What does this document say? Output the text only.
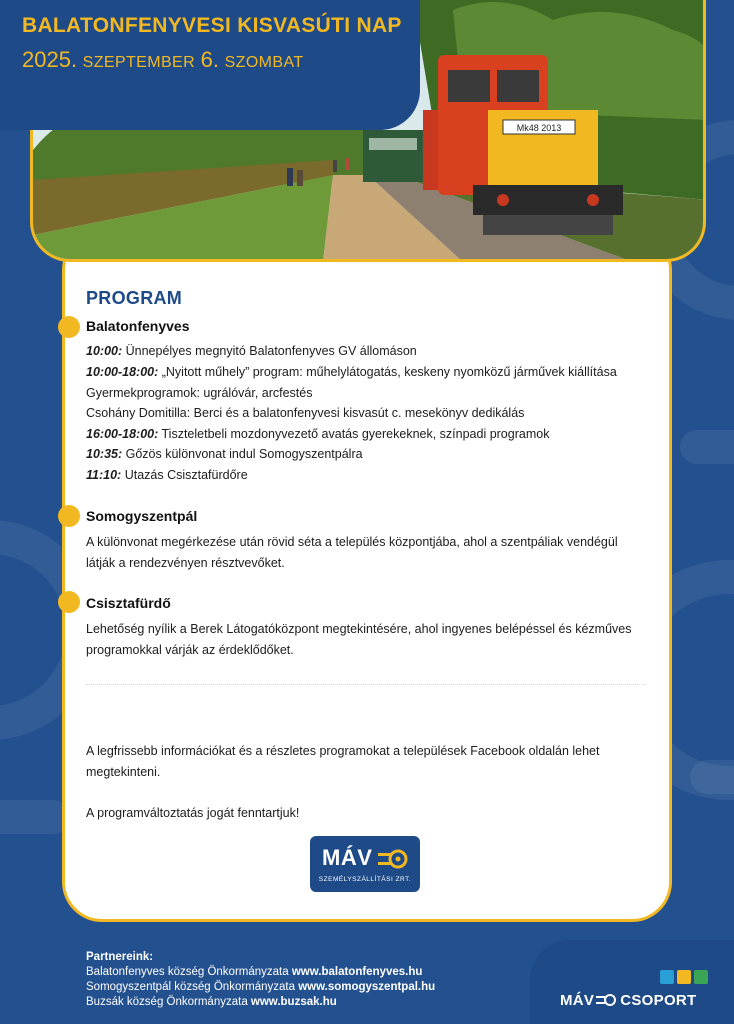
BALATONFENYVESI KISVASÚTI NAP
2025. SZEPTEMBER 6. SZOMBAT
Mk48 2013
PROGRAM
Balatonfenyves
10:00: Ünnepélyes megnyitó Balatonfenyves GV állomáson
10:00-18:00: „Nyitott műhely” program: műhelylátogatás, keskeny nyomközű járművek kiállítása
Gyermekprogramok: ugrálóvár, arcfestés
Csohány Domitilla: Berci és a balatonfenyvesi kisvasút c. mesekönyv dedikálás
16:00-18:00: Tiszteletbeli mozdonyvezető avatás gyerekeknek, színpadi programok
10:35: Gőzös különvonat indul Somogyszentpálra
11:10: Utazás Csisztafürdőre
Somogyszentpál
A különvonat megérkezése után rövid séta a település központjába, ahol a szentpáliak vendégül látják a rendezvényen résztvevőket.
Csisztafürdő
Lehetőség nyílik a Berek Látogatóközpont megtekintésére, ahol ingyenes belépéssel és kézműves programokkal várják az érdeklődőket.
A legfrissebb információkat és a részletes programokat a települések Facebook oldalán lehet megtekinteni.
A programváltoztatás jogát fenntartjuk!
MÁV
SZEMÉLYSZÁLLÍTÁSI ZRT.
Partnereink:
Balatonfenyves község Önkormányzata www.balatonfenyves.hu
Somogyszentpál község Önkormányzata www.somogyszentpal.hu
Buzsák község Önkormányzata www.buzsak.hu	MÁV CSOPORT
